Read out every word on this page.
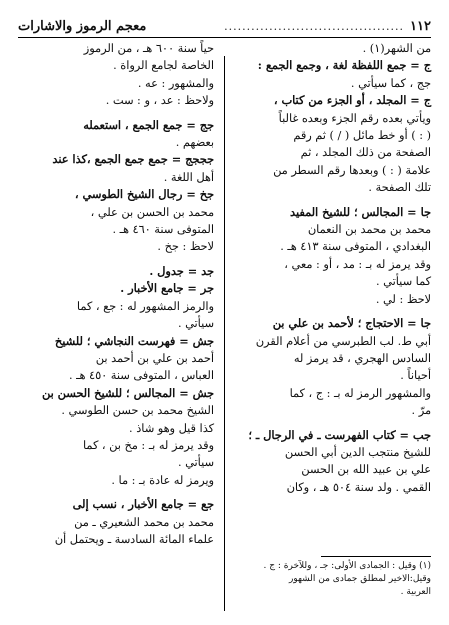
١١٢
........................................
معجم الرموز والاشارات

من الشهر(١) .

ج = جمع اللفظة لغة ، وجمع الجمع :

جج ، كما سيأتي .

ج = المجلد ، أو الجزء من كتاب ،

ويأتي بعده رقم الجزء وبعده غالباً

( : ) أو خط مائل ( / ) ثم رقم

الصفحة من ذلك المجلد ، ثم

علامة ( : ) وبعدها رقم السطر من

تلك الصفحة .

جا = المجالس ؛ للشيخ المفيد

محمد بن محمد بن النعمان

البغدادي ، المتوفى سنة ٤١٣ هـ .

وقد يرمز له بـ : مد ، أو : معي ،

كما سيأتي .

لاحظ : لي .

جا = الاحتجاج ؛ لأحمد بن علي بن

أبي ط. لب الطبرسي من أعلام القرن

السادس الهجري ، قد يرمز له

أحياناً .

والمشهور الرمز له بـ : ج ، كما

مرّ .

جب = كتاب الفهرست ـ في الرجال ـ ؛

للشيخ منتجب الدين أبي الحسن

علي بن عبيد الله بن الحسن

القمي . ولد سنة ٥٠٤ هـ ، وكان

حياً سنة ٦٠٠ هـ ، من الرموز

الخاصة لجامع الرواة .

والمشهور : عه .

ولاحظ : عد ، و : ست .

جج = جمع الجمع ، استعمله

بعضهم .

جججج = جمع جمع الجمع ،كذا عند

أهل اللغة .

جخ = رجال الشيخ الطوسي ،

محمد بن الحسن بن علي ،

المتوفى سنة ٤٦٠ هـ .

لاحظ : جخ .

جد = جدول .

جر = جامع الأخبار .

والرمز المشهور له : جع ، كما

سيأتي .

جش = فهرست النجاشي ؛ للشيخ

أحمد بن علي بن أحمد بن

العباس ، المتوفى سنة ٤٥٠ هـ .

جش = المجالس ؛ للشيخ الحسن بن

الشيخ محمد بن حسن الطوسي .

كذا قيل وهو شاذ .

وقد يرمز له بـ : مخ بن ، كما

سيأتي .

ويرمز له عادة بـ : ما .

جع = جامع الأخبار ، نسب إلى

محمد بن محمد الشعيري ـ من

علماء المائة السادسة ـ ويحتمل أن

(١) وقيل : الجمادى الأولى: جـ ، وللآخرة : ج .

وقيل:الاخير لمطلق جمادى من الشهور

العربية .
